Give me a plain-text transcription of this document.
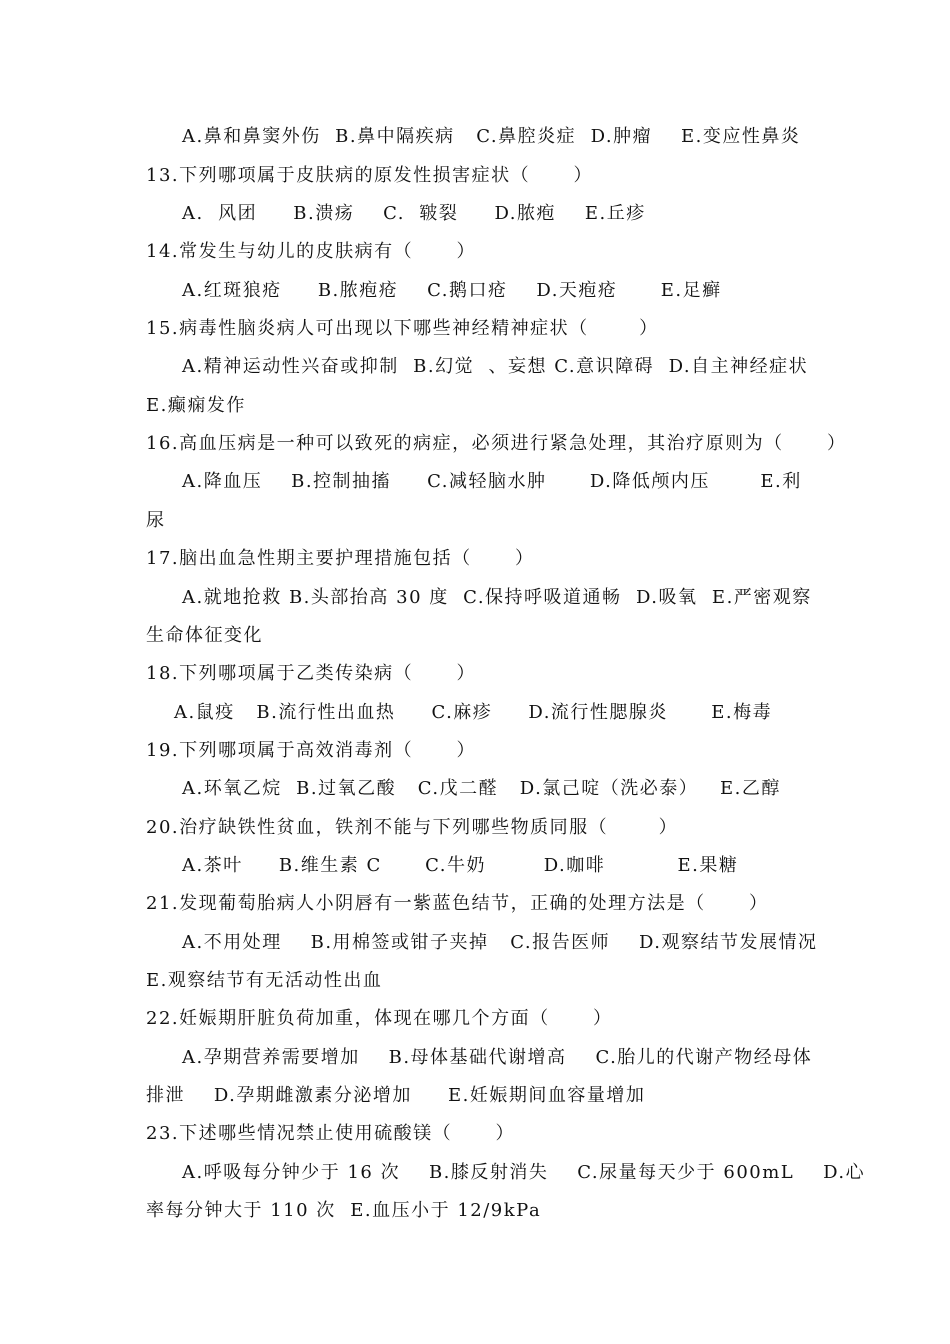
A.鼻和鼻窦外伤  B.鼻中隔疾病   C.鼻腔炎症  D.肿瘤    E.变应性鼻炎
13.下列哪项属于皮肤病的原发性损害症状（      ）
A.  风团     B.溃疡    C.  皲裂     D.脓疱    E.丘疹
14.常发生与幼儿的皮肤病有（      ）
A.红斑狼疮     B.脓疱疮    C.鹅口疮    D.天疱疮      E.足癣
15.病毒性脑炎病人可出现以下哪些神经精神症状（       ）
A.精神运动性兴奋或抑制  B.幻觉  、妄想 C.意识障碍  D.自主神经症状
E.癫痫发作
16.高血压病是一种可以致死的病症，必须进行紧急处理，其治疗原则为（      ）
A.降血压    B.控制抽搐     C.减轻脑水肿      D.降低颅内压       E.利
尿
17.脑出血急性期主要护理措施包括（      ）
A.就地抢救 B.头部抬高 30 度  C.保持呼吸道通畅  D.吸氧  E.严密观察
生命体征变化
18.下列哪项属于乙类传染病（      ）
A.鼠疫   B.流行性出血热     C.麻疹     D.流行性腮腺炎      E.梅毒
19.下列哪项属于高效消毒剂（      ）
A.环氧乙烷  B.过氧乙酸   C.戊二醛   D.氯己啶（洗必泰）   E.乙醇
20.治疗缺铁性贫血，铁剂不能与下列哪些物质同服（       ）
A.茶叶     B.维生素 C      C.牛奶        D.咖啡          E.果糖
21.发现葡萄胎病人小阴唇有一紫蓝色结节，正确的处理方法是（      ）
A.不用处理    B.用棉签或钳子夹掉   C.报告医师    D.观察结节发展情况
E.观察结节有无活动性出血
22.妊娠期肝脏负荷加重，体现在哪几个方面（      ）
A.孕期营养需要增加    B.母体基础代谢增高    C.胎儿的代谢产物经母体
排泄    D.孕期雌激素分泌增加     E.妊娠期间血容量增加
23.下述哪些情况禁止使用硫酸镁（      ）
A.呼吸每分钟少于 16 次    B.膝反射消失    C.尿量每天少于 600mL    D.心
率每分钟大于 110 次  E.血压小于 12/9kPa
